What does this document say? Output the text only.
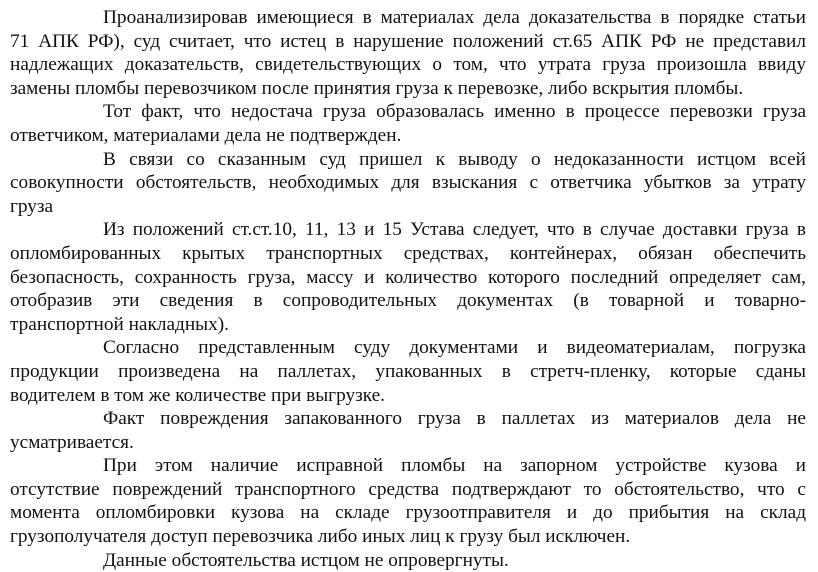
Проанализировав имеющиеся в материалах дела доказательства в порядке статьи
71 АПК РФ), суд считает, что истец в нарушение положений ст.65 АПК РФ не представил
надлежащих доказательств, свидетельствующих о том, что утрата груза произошла ввиду
замены пломбы перевозчиком после принятия груза к перевозке, либо вскрытия пломбы.
Тот факт, что недостача груза образовалась именно в процессе перевозки груза
ответчиком, материалами дела не подтвержден.
В связи со сказанным суд пришел к выводу о недоказанности истцом всей
совокупности обстоятельств, необходимых для взыскания с ответчика убытков за утрату
груза
Из положений ст.ст.10, 11, 13 и 15 Устава следует, что в случае доставки груза в
опломбированных крытых транспортных средствах, контейнерах, обязан обеспечить
безопасность, сохранность груза, массу и количество которого последний определяет сам,
отобразив эти сведения в сопроводительных документах (в товарной и товарно-
транспортной накладных).
Согласно представленным суду документами и видеоматериалам, погрузка
продукции произведена на паллетах, упакованных в стретч-пленку, которые сданы
водителем в том же количестве при выгрузке.
Факт повреждения запакованного груза в паллетах из материалов дела не
усматривается.
При этом наличие исправной пломбы на запорном устройстве кузова и
отсутствие повреждений транспортного средства подтверждают то обстоятельство, что с
момента опломбировки кузова на складе грузоотправителя и до прибытия на склад
грузополучателя доступ перевозчика либо иных лиц к грузу был исключен.
Данные обстоятельства истцом не опровергнуты.
